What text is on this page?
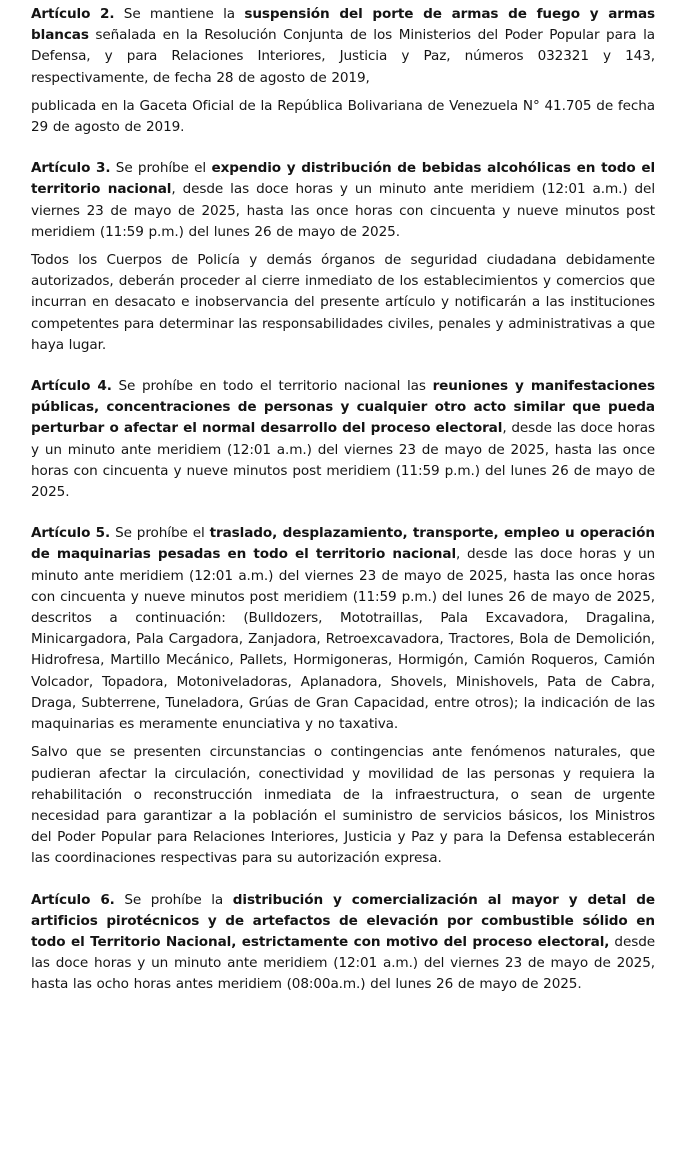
Artículo 2. Se mantiene la suspensión del porte de armas de fuego y armas blancas señalada en la Resolución Conjunta de los Ministerios del Poder Popular para la Defensa, y para Relaciones Interiores, Justicia y Paz, números 032321 y 143, respectivamente, de fecha 28 de agosto de 2019,

publicada en la Gaceta Oficial de la República Bolivariana de Venezuela N° 41.705 de fecha 29 de agosto de 2019.

Artículo 3. Se prohíbe el expendio y distribución de bebidas alcohólicas en todo el territorio nacional, desde las doce horas y un minuto ante meridiem (12:01 a.m.) del viernes 23 de mayo de 2025, hasta las once horas con cincuenta y nueve minutos post meridiem (11:59 p.m.) del lunes 26 de mayo de 2025.

Todos los Cuerpos de Policía y demás órganos de seguridad ciudadana debidamente autorizados, deberán proceder al cierre inmediato de los establecimientos y comercios que incurran en desacato e inobservancia del presente artículo y notificarán a las instituciones competentes para determinar las responsabilidades civiles, penales y administrativas a que haya lugar.

Artículo 4. Se prohíbe en todo el territorio nacional las reuniones y manifestaciones públicas, concentraciones de personas y cualquier otro acto similar que pueda perturbar o afectar el normal desarrollo del proceso electoral, desde las doce horas y un minuto ante meridiem (12:01 a.m.) del viernes 23 de mayo de 2025, hasta las once horas con cincuenta y nueve minutos post meridiem (11:59 p.m.) del lunes 26 de mayo de 2025.

Artículo 5. Se prohíbe el traslado, desplazamiento, transporte, empleo u operación de maquinarias pesadas en todo el territorio nacional, desde las doce horas y un minuto ante meridiem (12:01 a.m.) del viernes 23 de mayo de 2025, hasta las once horas con cincuenta y nueve minutos post meridiem (11:59 p.m.) del lunes 26 de mayo de 2025, descritos a continuación: (Bulldozers, Mototraillas, Pala Excavadora, Dragalina, Minicargadora, Pala Cargadora, Zanjadora, Retroexcavadora, Tractores, Bola de Demolición, Hidrofresa, Martillo Mecánico, Pallets, Hormigoneras, Hormigón, Camión Roqueros, Camión Volcador, Topadora, Motoniveladoras, Aplanadora, Shovels, Minishovels, Pata de Cabra, Draga, Subterrene, Tuneladora, Grúas de Gran Capacidad, entre otros); la indicación de las maquinarias es meramente enunciativa y no taxativa.

Salvo que se presenten circunstancias o contingencias ante fenómenos naturales, que pudieran afectar la circulación, conectividad y movilidad de las personas y requiera la rehabilitación o reconstrucción inmediata de la infraestructura, o sean de urgente necesidad para garantizar a la población el suministro de servicios básicos, los Ministros del Poder Popular para Relaciones Interiores, Justicia y Paz y para la Defensa establecerán las coordinaciones respectivas para su autorización expresa.

Artículo 6. Se prohíbe la distribución y comercialización al mayor y detal de artificios pirotécnicos y de artefactos de elevación por combustible sólido en todo el Territorio Nacional, estrictamente con motivo del proceso electoral, desde las doce horas y un minuto ante meridiem (12:01 a.m.) del viernes 23 de mayo de 2025, hasta las ocho horas antes meridiem (08:00a.m.) del lunes 26 de mayo de 2025.
